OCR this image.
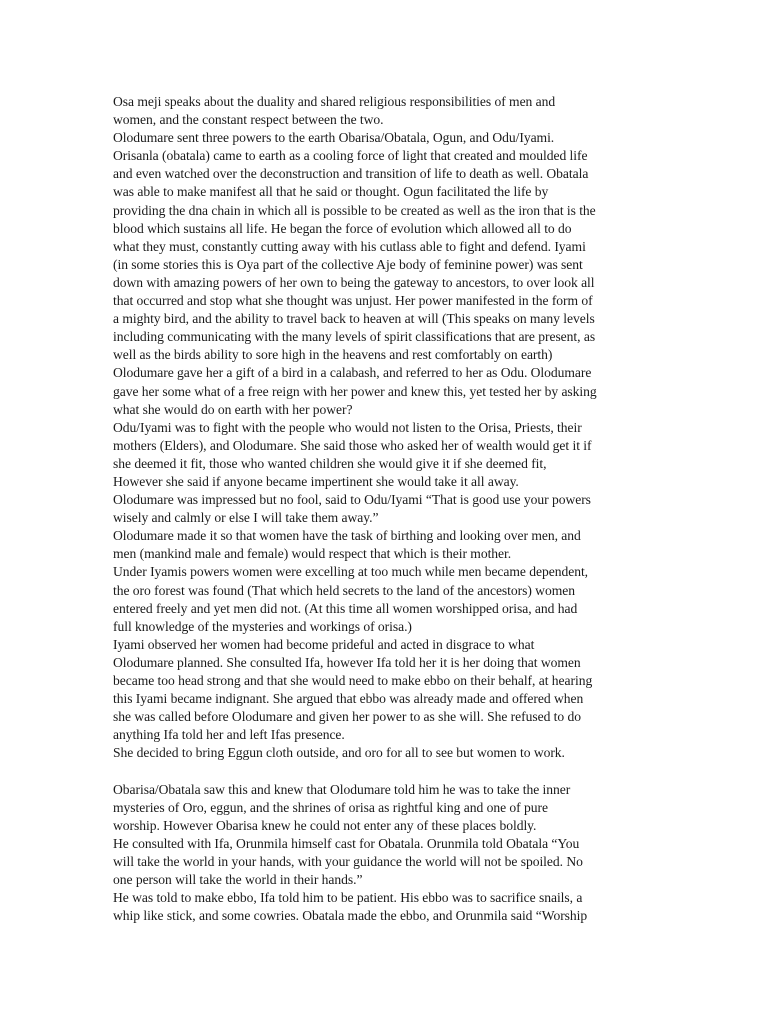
Osa meji speaks about the duality and shared religious responsibilities of men and
women, and the constant respect between the two.
Olodumare sent three powers to the earth Obarisa/Obatala, Ogun, and Odu/Iyami.
Orisanla (obatala) came to earth as a cooling force of light that created and moulded life
and even watched over the deconstruction and transition of life to death as well. Obatala
was able to make manifest all that he said or thought. Ogun facilitated the life by
providing the dna chain in which all is possible to be created as well as the iron that is the
blood which sustains all life. He began the force of evolution which allowed all to do
what they must, constantly cutting away with his cutlass able to fight and defend. Iyami
(in some stories this is Oya part of the collective Aje body of feminine power) was sent
down with amazing powers of her own to being the gateway to ancestors, to over look all
that occurred and stop what she thought was unjust. Her power manifested in the form of
a mighty bird, and the ability to travel back to heaven at will (This speaks on many levels
including communicating with the many levels of spirit classifications that are present, as
well as the birds ability to sore high in the heavens and rest comfortably on earth)
Olodumare gave her a gift of a bird in a calabash, and referred to her as Odu. Olodumare
gave her some what of a free reign with her power and knew this, yet tested her by asking
what she would do on earth with her power?
Odu/Iyami was to fight with the people who would not listen to the Orisa, Priests, their
mothers (Elders), and Olodumare. She said those who asked her of wealth would get it if
she deemed it fit, those who wanted children she would give it if she deemed fit,
However she said if anyone became impertinent she would take it all away.
Olodumare was impressed but no fool, said to Odu/Iyami “That is good use your powers
wisely and calmly or else I will take them away.”
Olodumare made it so that women have the task of birthing and looking over men, and
men (mankind male and female) would respect that which is their mother.
Under Iyamis powers women were excelling at too much while men became dependent,
the oro forest was found (That which held secrets to the land of the ancestors) women
entered freely and yet men did not. (At this time all women worshipped orisa, and had
full knowledge of the mysteries and workings of orisa.)
Iyami observed her women had become prideful and acted in disgrace to what
Olodumare planned. She consulted Ifa, however Ifa told her it is her doing that women
became too head strong and that she would need to make ebbo on their behalf, at hearing
this Iyami became indignant. She argued that ebbo was already made and offered when
she was called before Olodumare and given her power to as she will. She refused to do
anything Ifa told her and left Ifas presence.
She decided to bring Eggun cloth outside, and oro for all to see but women to work.
Obarisa/Obatala saw this and knew that Olodumare told him he was to take the inner
mysteries of Oro, eggun, and the shrines of orisa as rightful king and one of pure
worship. However Obarisa knew he could not enter any of these places boldly.
He consulted with Ifa, Orunmila himself cast for Obatala. Orunmila told Obatala “You
will take the world in your hands, with your guidance the world will not be spoiled. No
one person will take the world in their hands.”
He was told to make ebbo, Ifa told him to be patient. His ebbo was to sacrifice snails, a
whip like stick, and some cowries. Obatala made the ebbo, and Orunmila said “Worship
